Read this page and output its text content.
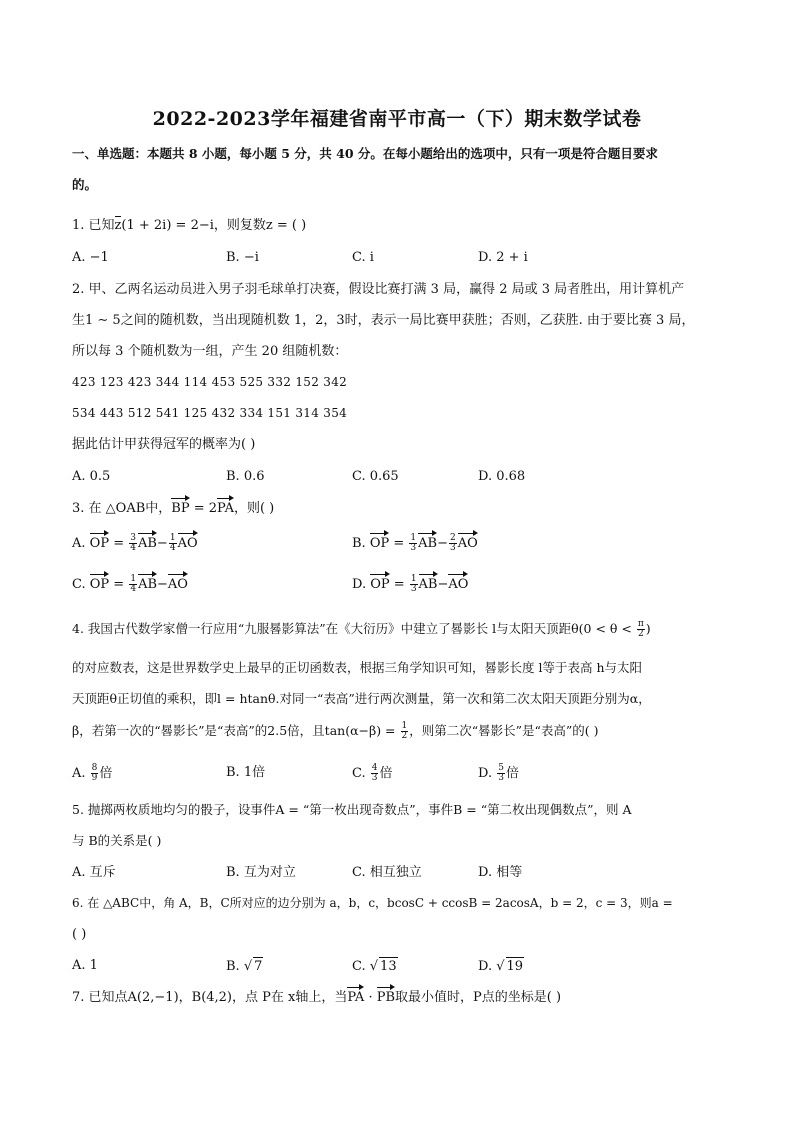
2022-2023学年福建省南平市高一（下）期末数学试卷
一、单选题：本题共 8 小题，每小题 5 分，共 40 分。在每小题给出的选项中，只有一项是符合题目要求
的。
1. 已知z(1 + 2i) = 2−i，则复数z = ( )
A. −1	B. −i	C. i	D. 2 + i
2. 甲、乙两名运动员进入男子羽毛球单打决赛，假设比赛打满 3 局，赢得 2 局或 3 局者胜出，用计算机产
生1 ∼ 5之间的随机数，当出现随机数 1，2，3时，表示一局比赛甲获胜；否则，乙获胜. 由于要比赛 3 局，
所以每 3 个随机数为一组，产生 20 组随机数：
423 123 423 344 114 453 525 332 152 342
534 443 512 541 125 432 334 151 314 354
据此估计甲获得冠军的概率为( )
A. 0.5	B. 0.6	C. 0.65	D. 0.68
3. 在 △OAB中，BP = 2PA，则( )
A. OP = $\frac{3}{4} AB- \frac{1}{4}$ AO	B. OP = $\frac{1}{3} AB- \frac{2}{3}$ AO
C. OP = $\frac{1}{4} AB-AO$	D. OP = $\frac{1}{3} AB-AO$
4. 我国古代数学家僧一行应用“九服晷影算法”在《大衍历》中建立了晷影长 l与太阳天顶距$\theta(0 < \theta < \frac{\pi}{2}$ )
的对应数表，这是世界数学史上最早的正切函数表，根据三角学知识可知，晷影长度 l等于表高 h与太阳
天顶距θ正切值的乘积，即l = htanθ.对同一“表高”进行两次测量，第一次和第二次太阳天顶距分别为α，
β，若第一次的“晷影长”是“表高”的2.5倍，且$\tan(\alpha-\beta) = \frac{1}{2}$ ，则第二次“晷影长”是“表高”的( )
A. $\frac{8}{9}$ 倍	B. 1倍	C. $\frac{4}{3}$ 倍	D. $\frac{5}{3}$ 倍
5. 抛掷两枚质地均匀的骰子，设事件A = “第一枚出现奇数点”，事件B = “第二枚出现偶数点”，则 A
与 B的关系是( )
A. 互斥	B. 互为对立	C. 相互独立	D. 相等
6. 在 △ABC中，角 A，B，C所对应的边分别为 a，b，c，bcosC + ccosB = 2acosA，b = 2，c = 3，则a =
( )
A. 1	B. √ 7	C. √ 13	D. √ 19
7. 已知点A(2,−1)，B(4,2)，点 P在 x轴上，当PA · PB取最小值时，P点的坐标是( )
